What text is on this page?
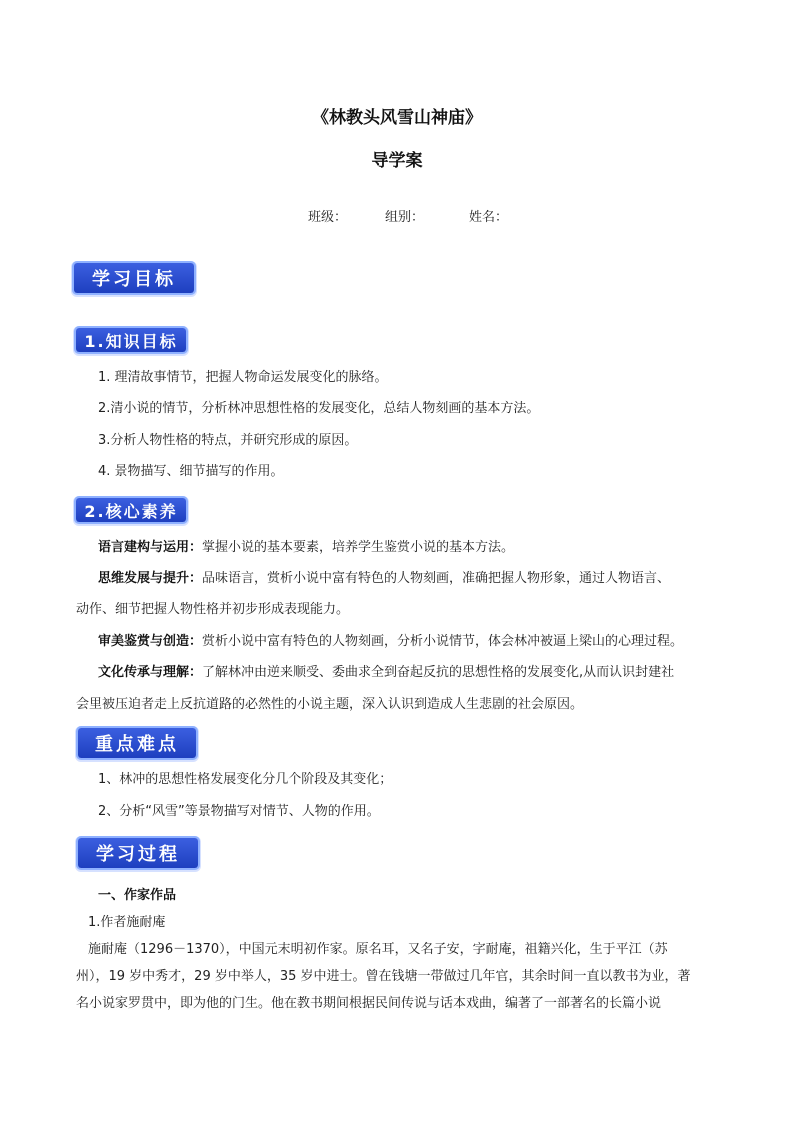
《林教头风雪山神庙》
导学案
班级：	组别：	姓名：
学习目标
1.知识目标
1. 理清故事情节，把握人物命运发展变化的脉络。
2.清小说的情节，分析林冲思想性格的发展变化，总结人物刻画的基本方法。
3.分析人物性格的特点，并研究形成的原因。
4. 景物描写、细节描写的作用。
2.核心素养
语言建构与运用：掌握小说的基本要素，培养学生鉴赏小说的基本方法。
思维发展与提升：品味语言，赏析小说中富有特色的人物刻画，准确把握人物形象，通过人物语言、
动作、细节把握人物性格并初步形成表现能力。
审美鉴赏与创造：赏析小说中富有特色的人物刻画，分析小说情节，体会林冲被逼上梁山的心理过程。
文化传承与理解：了解林冲由逆来顺受、委曲求全到奋起反抗的思想性格的发展变化,从而认识封建社
会里被压迫者走上反抗道路的必然性的小说主题，深入认识到造成人生悲剧的社会原因。
重点难点
1、林冲的思想性格发展变化分几个阶段及其变化；
2、分析“风雪”等景物描写对情节、人物的作用。
学习过程
一、作家作品
1.作者施耐庵
施耐庵（1296－1370），中国元末明初作家。原名耳，又名子安，字耐庵，祖籍兴化，生于平江（苏
州），19 岁中秀才，29 岁中举人，35 岁中进士。曾在钱塘一带做过几年官，其余时间一直以教书为业，著
名小说家罗贯中，即为他的门生。他在教书期间根据民间传说与话本戏曲，编著了一部著名的长篇小说
